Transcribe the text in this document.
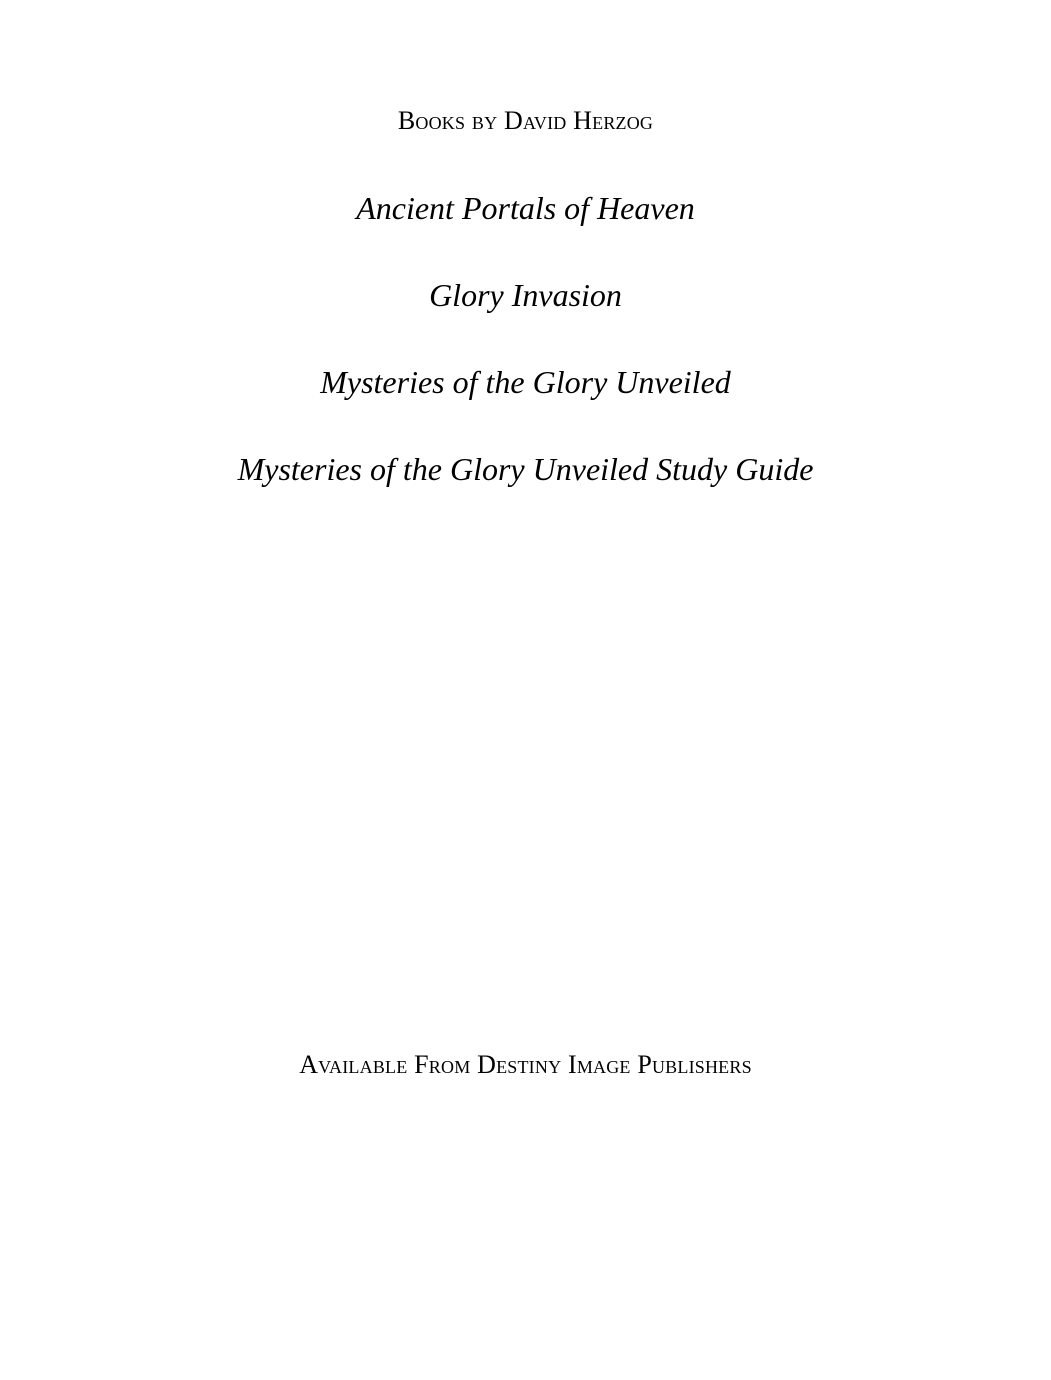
Books by David Herzog
Ancient Portals of Heaven
Glory Invasion
Mysteries of the Glory Unveiled
Mysteries of the Glory Unveiled Study Guide
Available From Destiny Image Publishers
